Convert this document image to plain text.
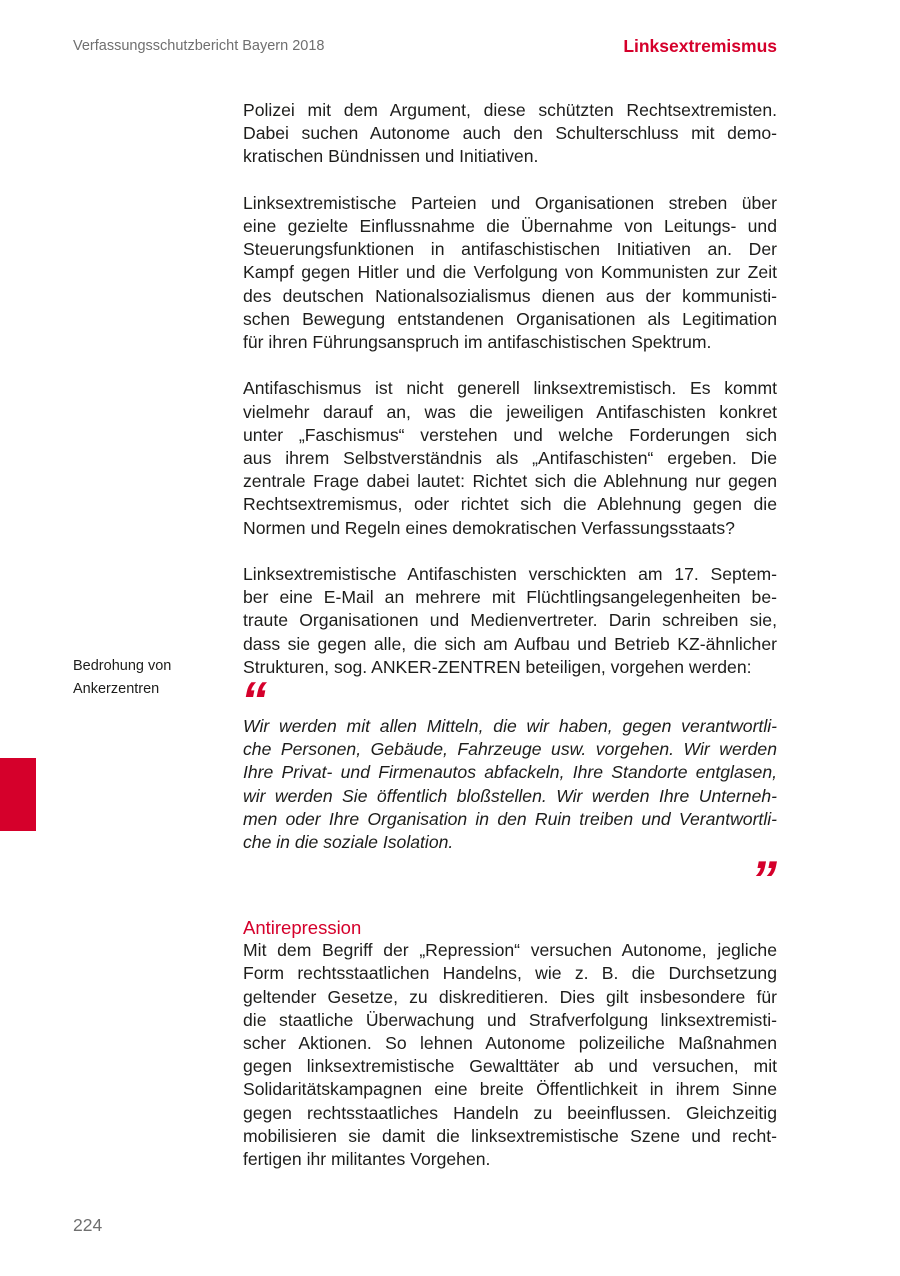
Verfassungsschutzbericht Bayern 2018	Linksextremismus
Bedrohung von
Ankerzentren
Polizei mit dem Argument, diese schützten Rechtsextremisten.
Dabei suchen Autonome auch den Schulterschluss mit demo-
kratischen Bündnissen und Initiativen.
Linksextremistische Parteien und Organisationen streben über
eine gezielte Einflussnahme die Übernahme von Leitungs- und
Steuerungsfunktionen in antifaschistischen Initiativen an. Der
Kampf gegen Hitler und die Verfolgung von Kommunisten zur Zeit
des deutschen Nationalsozialismus dienen aus der kommunisti-
schen Bewegung entstandenen Organisationen als Legitimation
für ihren Führungsanspruch im antifaschistischen Spektrum.
Antifaschismus ist nicht generell linksextremistisch. Es kommt
vielmehr darauf an, was die jeweiligen Antifaschisten konkret
unter „Faschismus“ verstehen und welche Forderungen sich
aus ihrem Selbstverständnis als „Antifaschisten“ ergeben. Die
zentrale Frage dabei lautet: Richtet sich die Ablehnung nur gegen
Rechtsextremismus, oder richtet sich die Ablehnung gegen die
Normen und Regeln eines demokratischen Verfassungsstaats?
Linksextremistische Antifaschisten verschickten am 17. Septem-
ber eine E-Mail an mehrere mit Flüchtlingsangelegenheiten be-
traute Organisationen und Medienvertreter. Darin schreiben sie,
dass sie gegen alle, die sich am Aufbau und Betrieb KZ-ähnlicher
Strukturen, sog. ANKER-ZENTREN beteiligen, vorgehen werden:
“
Wir werden mit allen Mitteln, die wir haben, gegen verantwortli-
che Personen, Gebäude, Fahrzeuge usw. vorgehen. Wir werden
Ihre Privat- und Firmenautos abfackeln, Ihre Standorte entglasen,
wir werden Sie öffentlich bloßstellen. Wir werden Ihre Unterneh-
men oder Ihre Organisation in den Ruin treiben und Verantwortli-
che in die soziale Isolation.
”
Antirepression
Mit dem Begriff der „Repression“ versuchen Autonome, jegliche
Form rechtsstaatlichen Handelns, wie z. B. die Durchsetzung
geltender Gesetze, zu diskreditieren. Dies gilt insbesondere für
die staatliche Überwachung und Strafverfolgung linksextremisti-
scher Aktionen. So lehnen Autonome polizeiliche Maßnahmen
gegen linksextremistische Gewalttäter ab und versuchen, mit
Solidaritätskampagnen eine breite Öffentlichkeit in ihrem Sinne
gegen rechtsstaatliches Handeln zu beeinflussen. Gleichzeitig
mobilisieren sie damit die linksextremistische Szene und recht-
fertigen ihr militantes Vorgehen.
224
